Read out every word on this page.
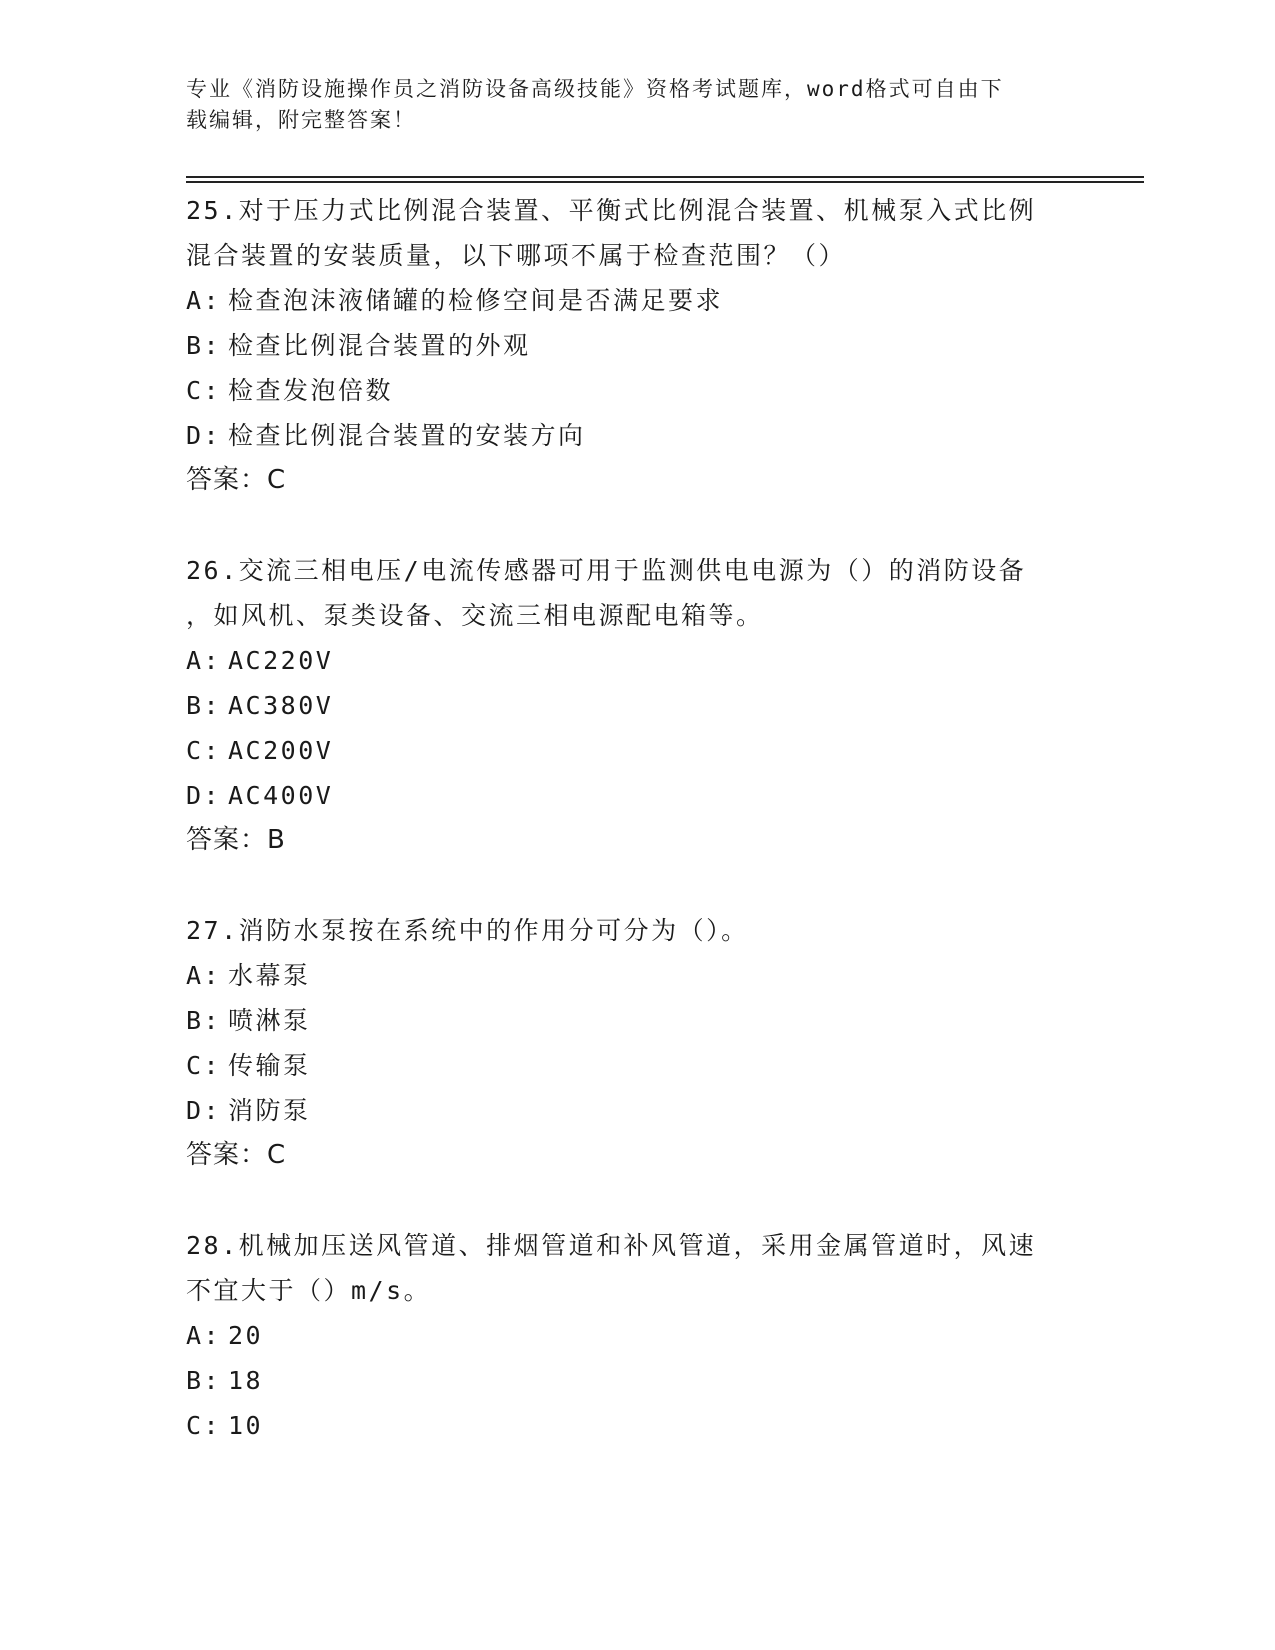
专业《消防设施操作员之消防设备高级技能》资格考试题库，word格式可自由下
载编辑，附完整答案！
25.对于压力式比例混合装置、平衡式比例混合装置、机械泵入式比例
混合装置的安装质量，以下哪项不属于检查范围？（）
A: 检查泡沫液储罐的检修空间是否满足要求
B: 检查比例混合装置的外观
C: 检查发泡倍数
D: 检查比例混合装置的安装方向
答案：C
26.交流三相电压/电流传感器可用于监测供电电源为（）的消防设备
，如风机、泵类设备、交流三相电源配电箱等。
A: AC220V
B: AC380V
C: AC200V
D: AC400V
答案：B
27.消防水泵按在系统中的作用分可分为（）。
A: 水幕泵
B: 喷淋泵
C: 传输泵
D: 消防泵
答案：C
28.机械加压送风管道、排烟管道和补风管道，采用金属管道时，风速
不宜大于（）m/s。
A: 20
B: 18
C: 10
